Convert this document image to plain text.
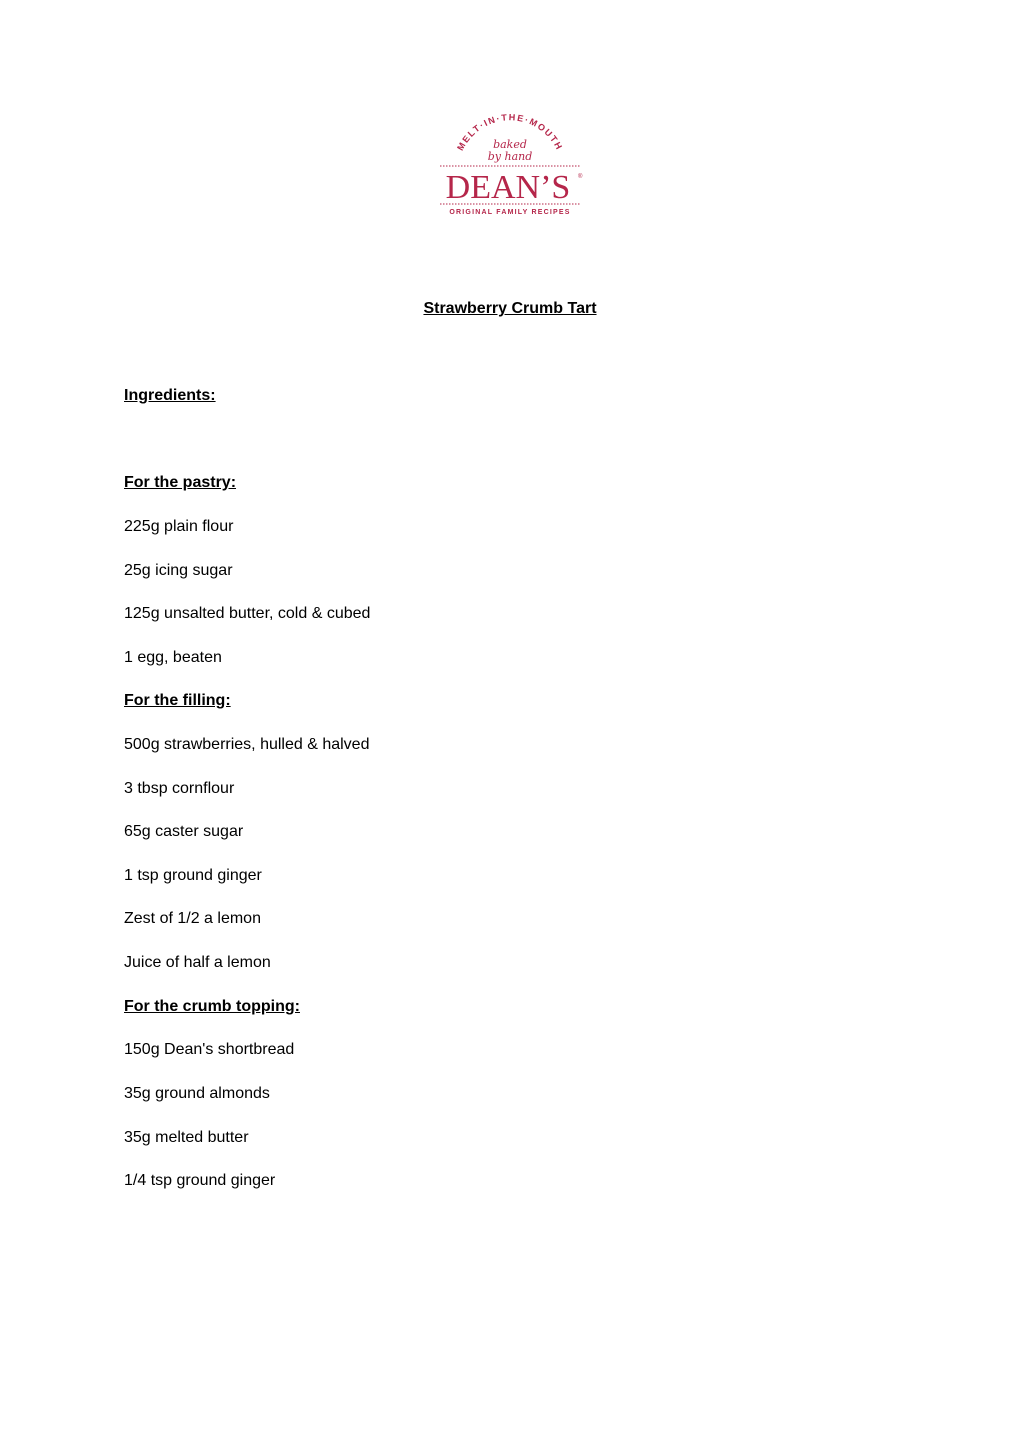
MELT·IN·THE·MOUTH
baked
by hand
DEAN’S ®
ORIGINAL FAMILY RECIPES
Strawberry Crumb Tart
Ingredients:
For the pastry:
225g plain flour
25g icing sugar
125g unsalted butter, cold & cubed
1 egg, beaten
For the filling:
500g strawberries, hulled & halved
3 tbsp cornflour
65g caster sugar
1 tsp ground ginger
Zest of 1/2 a lemon
Juice of half a lemon
For the crumb topping:
150g Dean's shortbread
35g ground almonds
35g melted butter
1/4 tsp ground ginger
